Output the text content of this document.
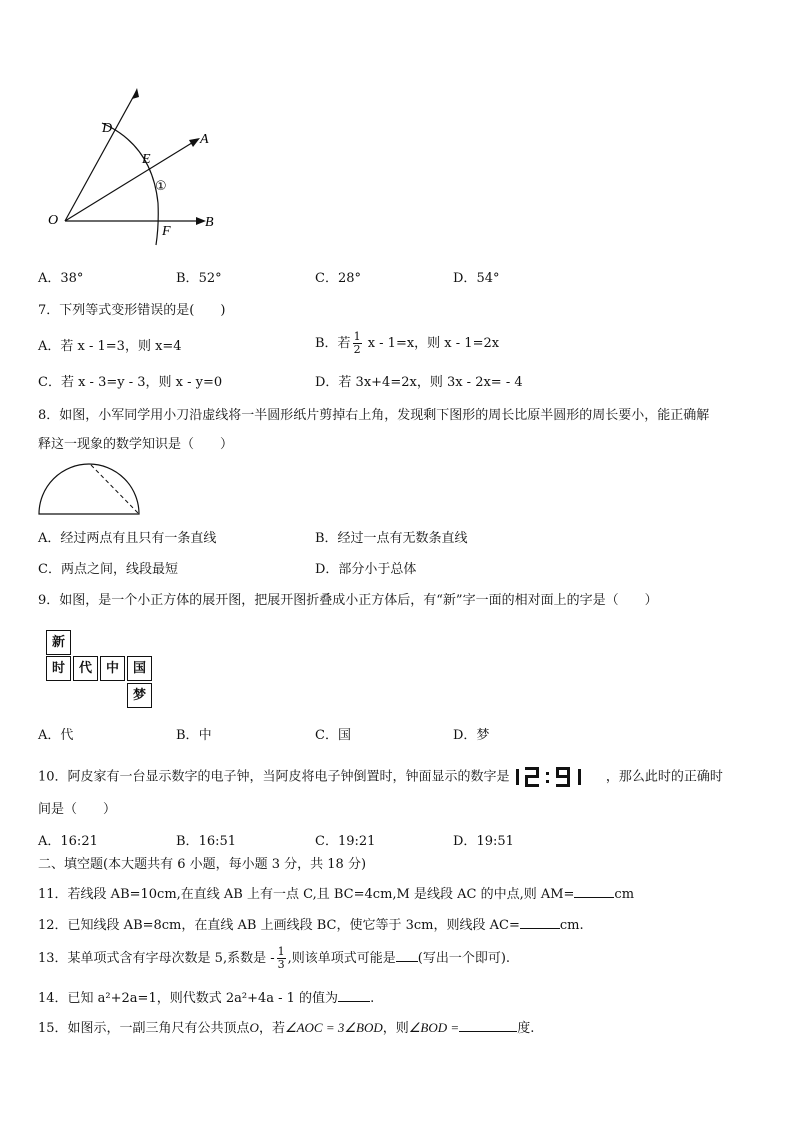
D
E
A
①
O
F
B
A．38°	B．52°	C．28°	D．54°
7．下列等式变形错误的是(　　)
A．若 x - 1=3，则 x=4	B．若 $\frac{1}{2}$ x - 1=x，则 x - 1=2x
C．若 x - 3=y - 3，则 x - y=0	D．若 3x+4=2x，则 3x - 2x= - 4
8．如图，小军同学用小刀沿虚线将一半圆形纸片剪掉右上角，发现剩下图形的周长比原半圆形的周长要小，能正确解
释这一现象的数学知识是（　　）
A．经过两点有且只有一条直线	B．经过一点有无数条直线
C．两点之间，线段最短	D．部分小于总体
9．如图，是一个小正方体的展开图，把展开图折叠成小正方体后，有“新”字一面的相对面上的字是（　　）
新
时	代	中	国
梦
A．代	B．中	C．国	D．梦
10．阿皮家有一台显示数字的电子钟，当阿皮将电子钟倒置时，钟面显示的数字是	，那么此时的正确时
间是（　　）
A．16:21	B．16:51	C．19:21	D．19:51
二、填空题(本大题共有 6 小题，每小题 3 分，共 18 分)
11．若线段 AB=10cm,在直线 AB 上有一点 C,且 BC=4cm,M 是线段 AC 的中点,则 AM=	cm
12．已知线段 AB=8cm，在直线 AB 上画线段 BC，使它等于 3cm，则线段 AC=	cm.
13．某单项式含有字母次数是 5,系数是 - $\frac{1}{3}$ ,则该单项式可能是 (写出一个即可).
14．已知 a²+2a=1，则代数式 2a²+4a - 1 的值为 .
15．如图示，一副三角尺有公共顶点O，若∠AOC = 3∠BOD，则∠BOD =	度.
